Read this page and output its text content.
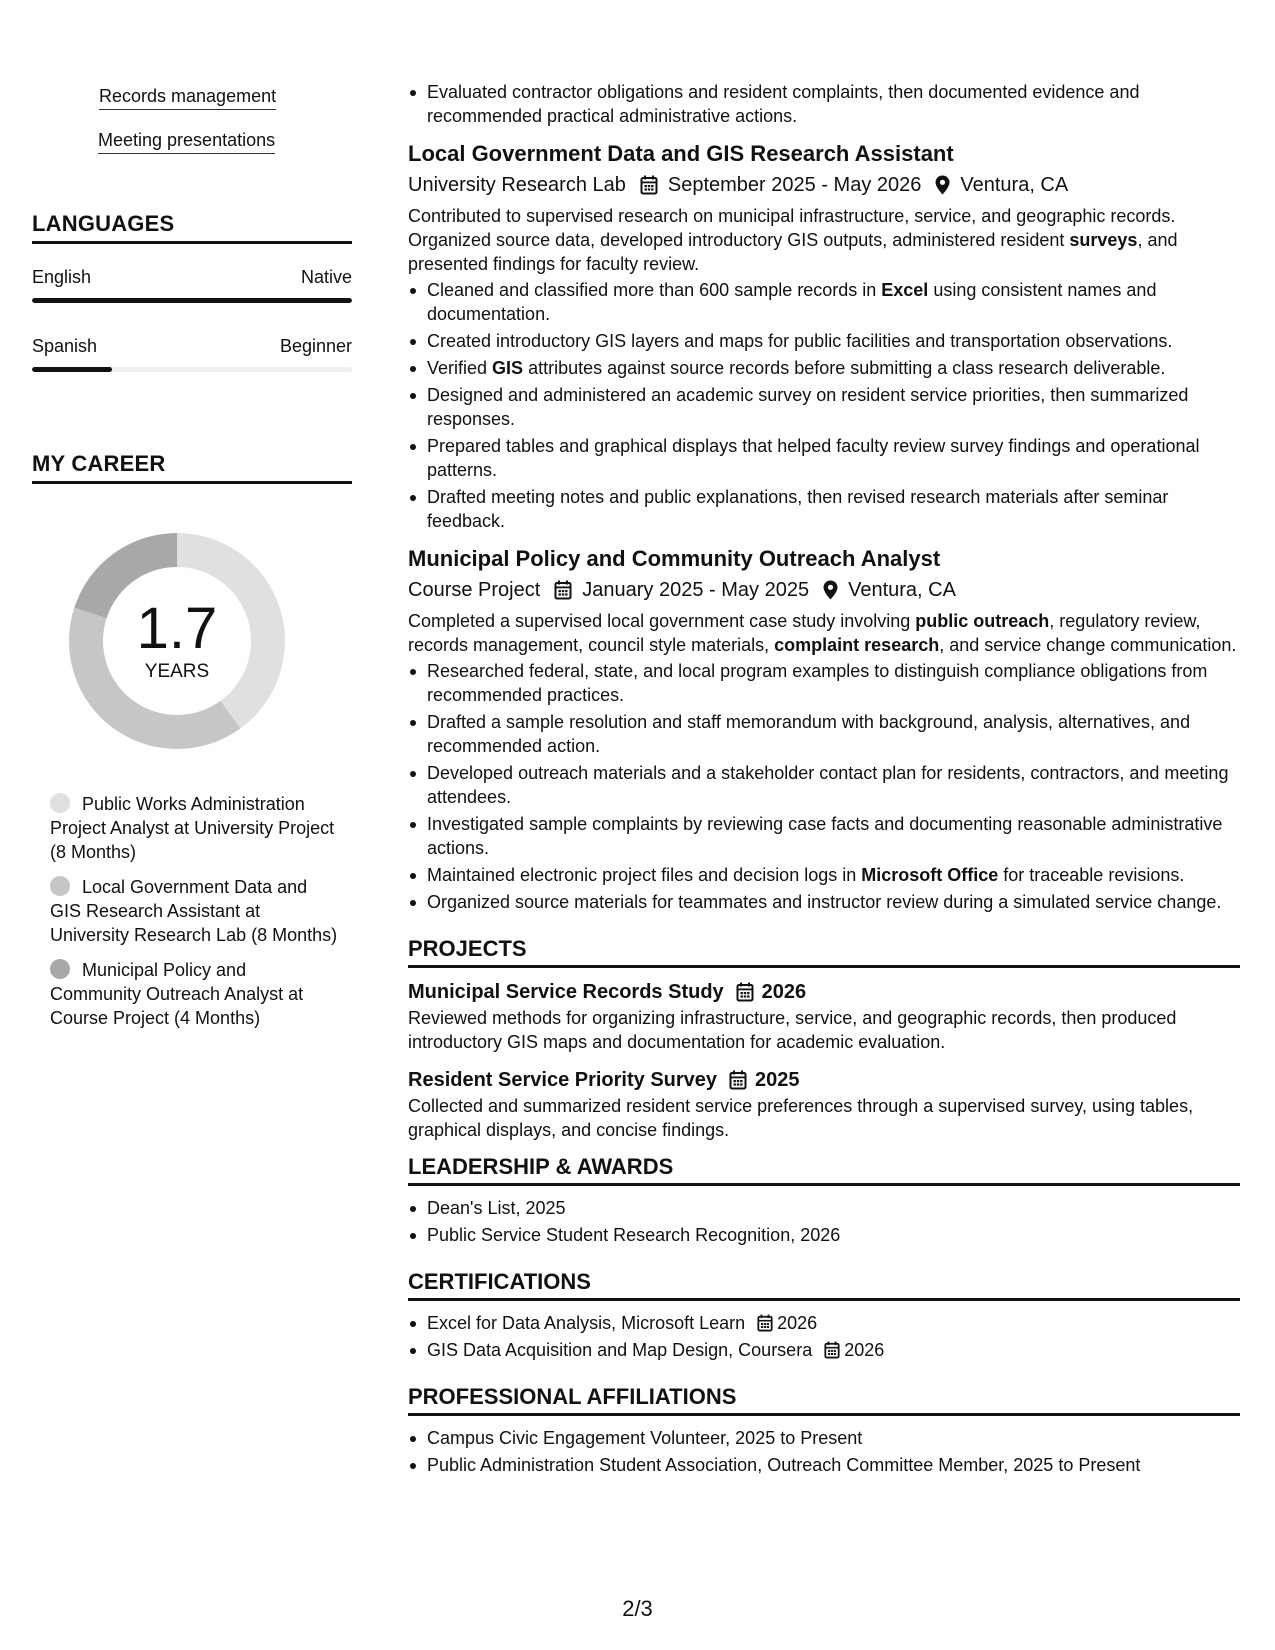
Records management
Meeting presentations
LANGUAGES
English	Native
Spanish	Beginner
MY CAREER
1.7
YEARS
Public Works Administration Project Analyst at University Project (8 Months)
Local Government Data and GIS Research Assistant at University Research Lab (8 Months)
Municipal Policy and Community Outreach Analyst at Course Project (4 Months)
Evaluated contractor obligations and resident complaints, then documented evidence and recommended practical administrative actions.
Local Government Data and GIS Research Assistant
University Research Lab September 2025 - May 2026 Ventura, CA

Contributed to supervised research on municipal infrastructure, service, and geographic records. Organized source data, developed introductory GIS outputs, administered resident surveys, and presented findings for faculty review.

Cleaned and classified more than 600 sample records in Excel using consistent names and documentation.
Created introductory GIS layers and maps for public facilities and transportation observations.
Verified GIS attributes against source records before submitting a class research deliverable.
Designed and administered an academic survey on resident service priorities, then summarized responses.
Prepared tables and graphical displays that helped faculty review survey findings and operational patterns.
Drafted meeting notes and public explanations, then revised research materials after seminar feedback.
Municipal Policy and Community Outreach Analyst
Course Project January 2025 - May 2025 Ventura, CA

Completed a supervised local government case study involving public outreach, regulatory review, records management, council style materials, complaint research, and service change communication.

Researched federal, state, and local program examples to distinguish compliance obligations from recommended practices.
Drafted a sample resolution and staff memorandum with background, analysis, alternatives, and recommended action.
Developed outreach materials and a stakeholder contact plan for residents, contractors, and meeting attendees.
Investigated sample complaints by reviewing case facts and documenting reasonable administrative actions.
Maintained electronic project files and decision logs in Microsoft Office for traceable revisions.
Organized source materials for teammates and instructor review during a simulated service change.
PROJECTS
Municipal Service Records Study 2026

Reviewed methods for organizing infrastructure, service, and geographic records, then produced introductory GIS maps and documentation for academic evaluation.

Resident Service Priority Survey 2025

Collected and summarized resident service preferences through a supervised survey, using tables, graphical displays, and concise findings.

LEADERSHIP & AWARDS
Dean's List, 2025
Public Service Student Research Recognition, 2026
CERTIFICATIONS
Excel for Data Analysis, Microsoft Learn 2026
GIS Data Acquisition and Map Design, Coursera 2026
PROFESSIONAL AFFILIATIONS
Campus Civic Engagement Volunteer, 2025 to Present
Public Administration Student Association, Outreach Committee Member, 2025 to Present
2/3
